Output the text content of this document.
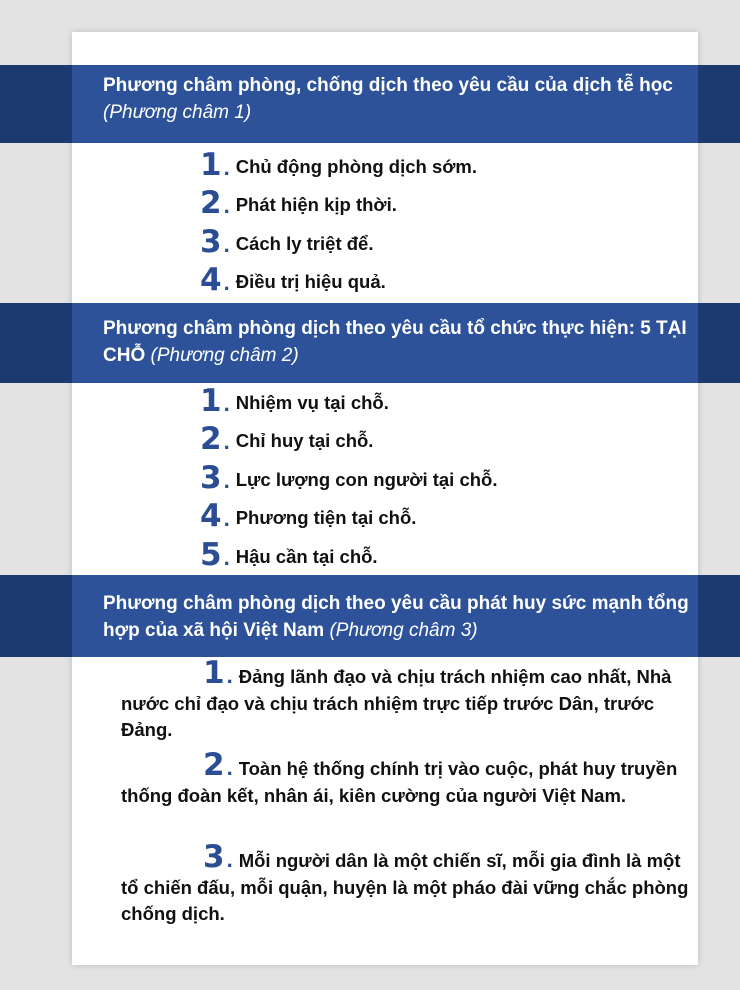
Phương châm phòng, chống dịch theo yêu cầu của dịch tễ học (Phương châm 1)
1 . Chủ động phòng dịch sớm.
2 . Phát hiện kịp thời.
3 . Cách ly triệt để.
4 . Điều trị hiệu quả.
Phương châm phòng dịch theo yêu cầu tổ chức thực hiện: 5 TẠI CHỖ (Phương châm 2)
1 . Nhiệm vụ tại chỗ.
2 . Chỉ huy tại chỗ.
3 . Lực lượng con người tại chỗ.
4 . Phương tiện tại chỗ.
5 . Hậu cần tại chỗ.
Phương châm phòng dịch theo yêu cầu phát huy sức mạnh tổng hợp của xã hội Việt Nam (Phương châm 3)
1. Đảng lãnh đạo và chịu trách nhiệm cao nhất, Nhà nước chỉ đạo và chịu trách nhiệm trực tiếp trước Dân, trước Đảng.
2. Toàn hệ thống chính trị vào cuộc, phát huy truyền thống đoàn kết, nhân ái, kiên cường của người Việt Nam.
3. Mỗi người dân là một chiến sĩ, mỗi gia đình là một tổ chiến đấu, mỗi quận, huyện là một pháo đài vững chắc phòng chống dịch.
